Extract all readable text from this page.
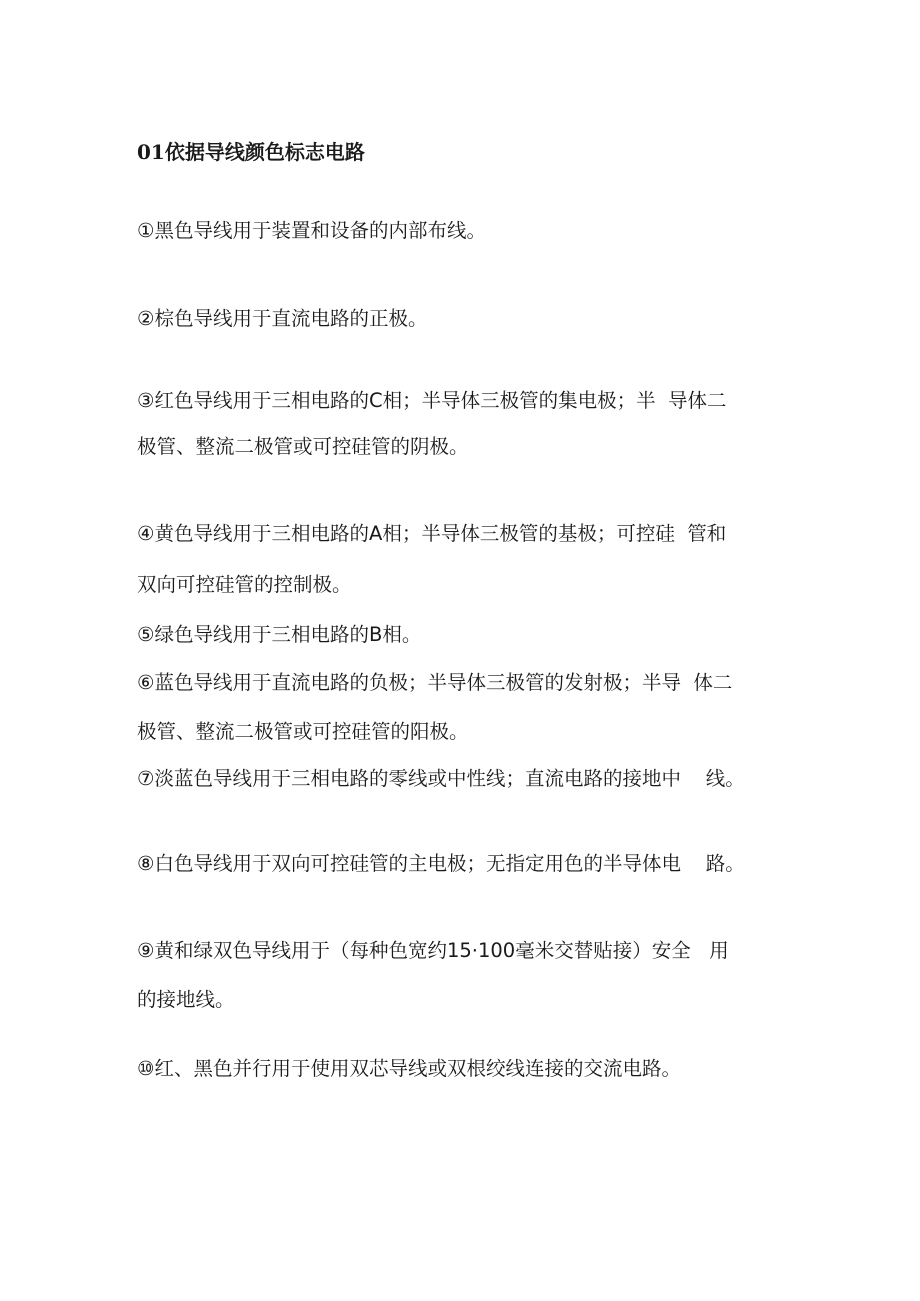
01依据导线颜色标志电路

①黑色导线用于装置和设备的内部布线。

②棕色导线用于直流电路的正极。

③红色导线用于三相电路的C相；半导体三极管的集电极；半  导体二

极管、整流二极管或可控硅管的阴极。

④黄色导线用于三相电路的A相；半导体三极管的基极；可控硅  管和

双向可控硅管的控制极。

⑤绿色导线用于三相电路的B相。

⑥蓝色导线用于直流电路的负极；半导体三极管的发射极；半导  体二

极管、整流二极管或可控硅管的阳极。

⑦淡蓝色导线用于三相电路的零线或中性线；直流电路的接地中    线。

⑧白色导线用于双向可控硅管的主电极；无指定用色的半导体电    路。

⑨黄和绿双色导线用于（每种色宽约15·100毫米交替贴接）安全   用

的接地线。

⑩红、黑色并行用于使用双芯导线或双根绞线连接的交流电路。
